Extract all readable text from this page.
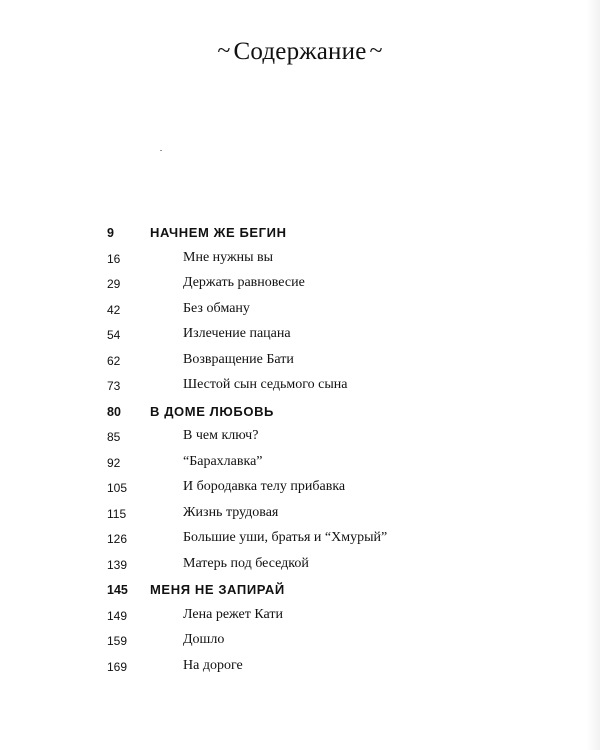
~ Содержание ~
9	НАЧНЕМ ЖЕ БЕГИН
16	Мне нужны вы
29	Держать равновесие
42	Без обману
54	Излечение пацана
62	Возвращение Бати
73	Шестой сын седьмого сына
80 В ДОМЕ ЛЮБОВЬ
85	В чем ключ?
92	“Барахлавка”
105	И бородавка телу прибавка
115	Жизнь трудовая
126	Большие уши, братья и “Хмурый”
139	Матерь под беседкой
145 МЕНЯ НЕ ЗАПИРАЙ
149	Лена режет Кати
159	Дошло
169	На дороге
